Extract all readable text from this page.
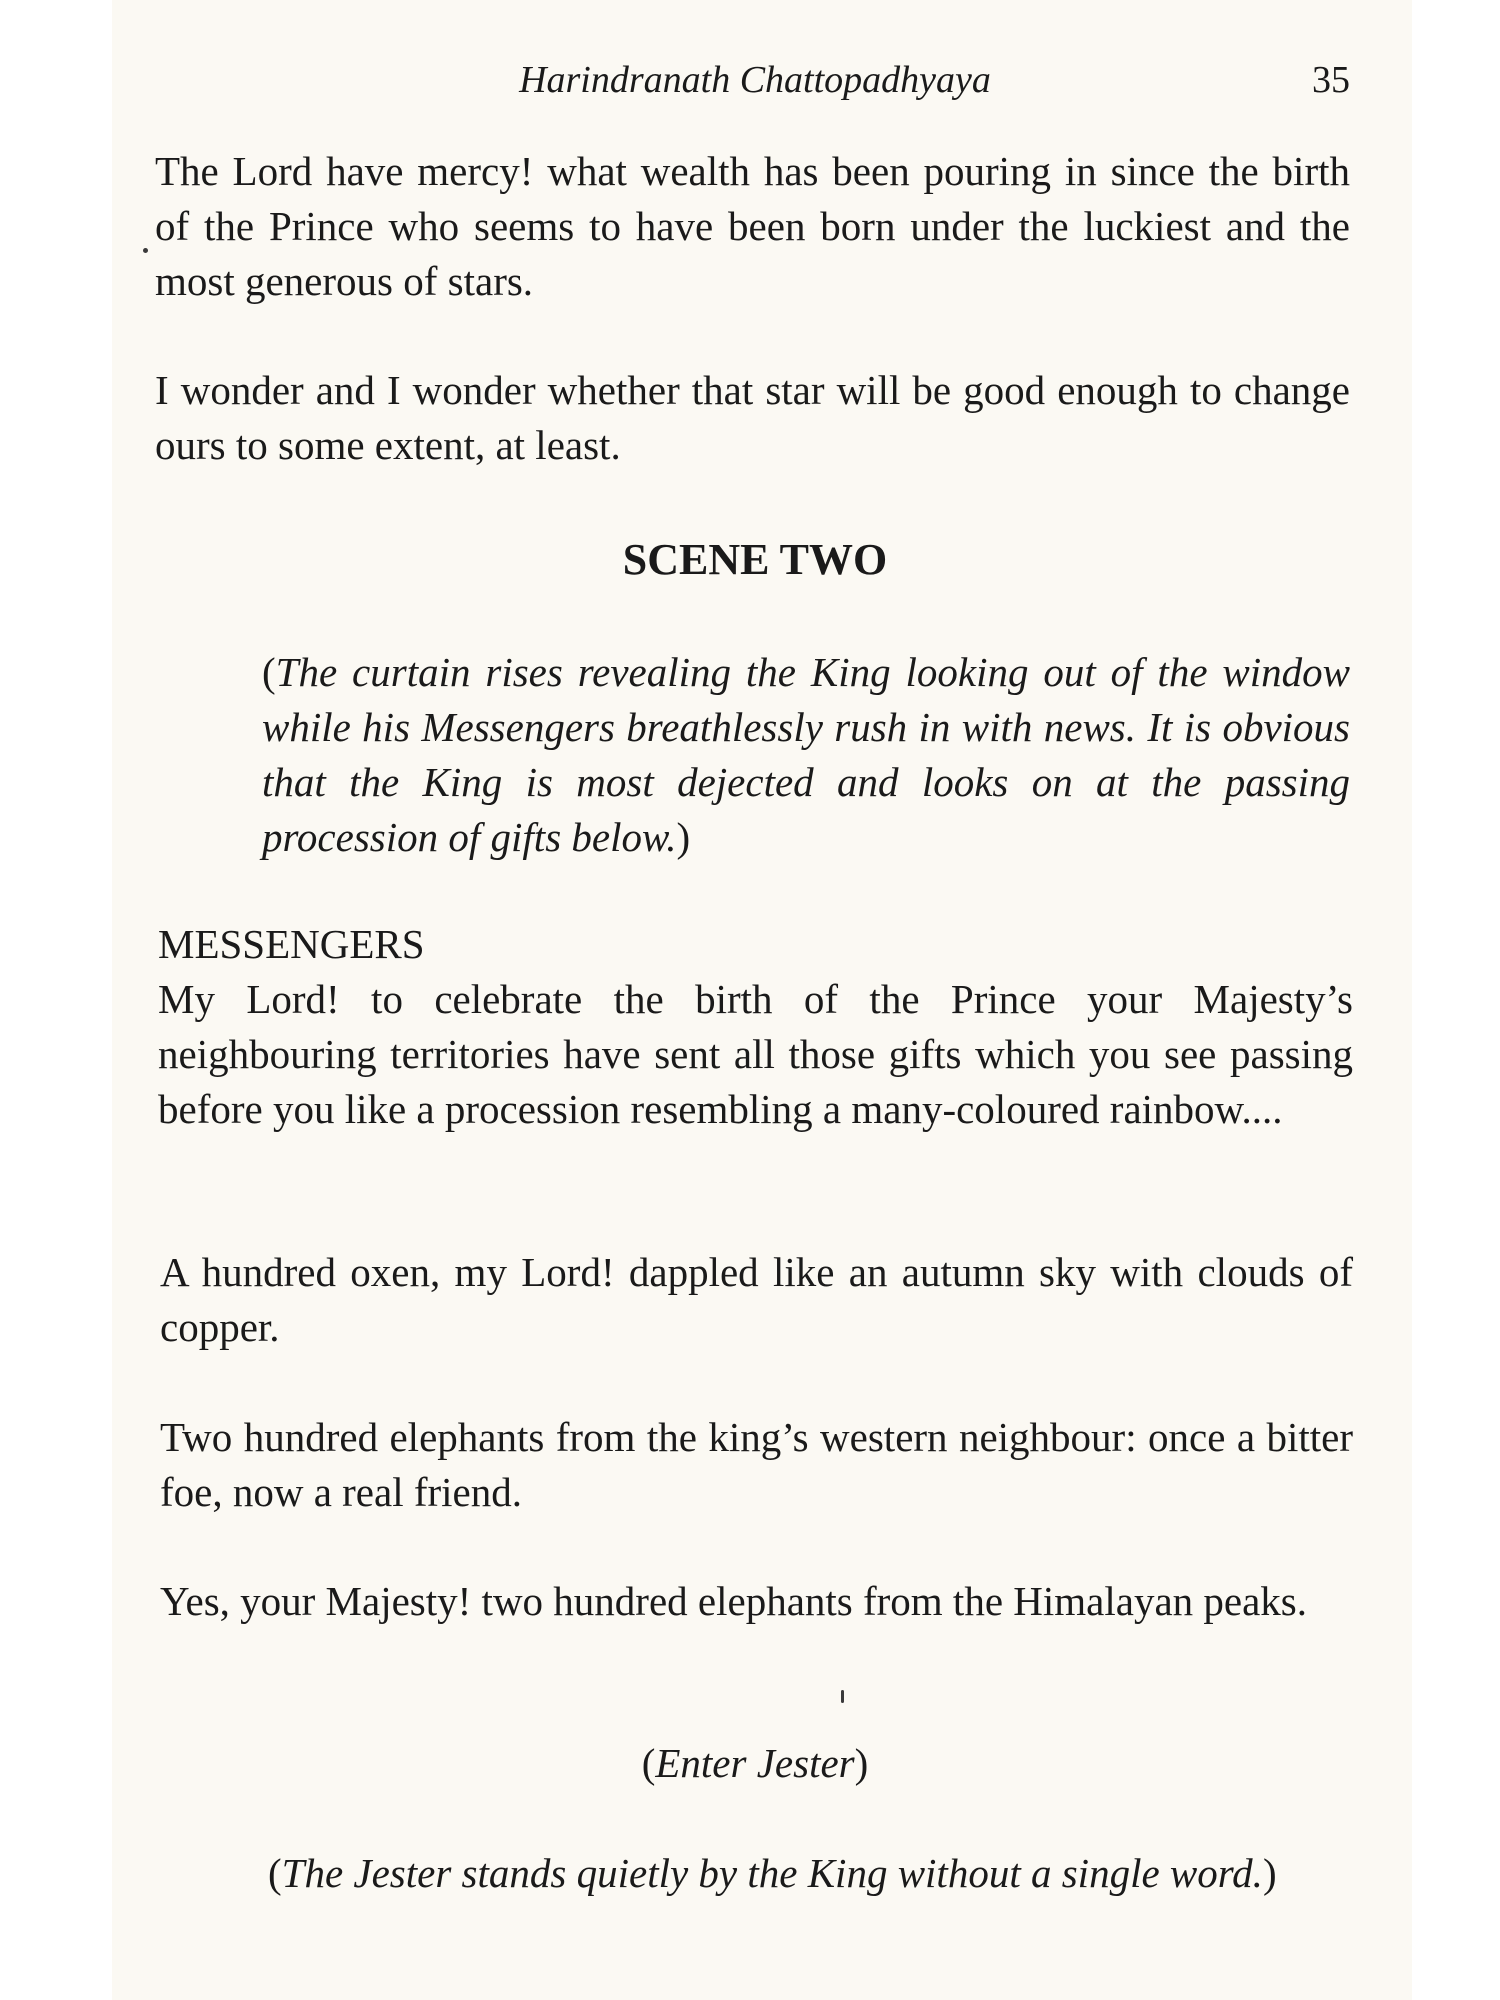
Harindranath Chattopadhyaya	35

The Lord have mercy! what wealth has been pouring in since the birth of the Prince who seems to have been born under the luckiest and the most generous of stars.

I wonder and I wonder whether that star will be good enough to change ours to some extent, at least.

SCENE TWO

(The curtain rises revealing the King looking out of the window while his Messengers breathlessly rush in with news. It is obvious that the King is most dejected and looks on at the passing procession of gifts below.)

MESSENGERS

My Lord! to celebrate the birth of the Prince your Majesty’s neighbouring territories have sent all those gifts which you see passing before you like a procession resembling a many-coloured rainbow....

A hundred oxen, my Lord! dappled like an autumn sky with clouds of copper.

Two hundred elephants from the king’s western neighbour: once a bitter foe, now a real friend.

Yes, your Majesty! two hundred elephants from the Himalayan peaks.

(Enter Jester)

(The Jester stands quietly by the King without a single word.)
